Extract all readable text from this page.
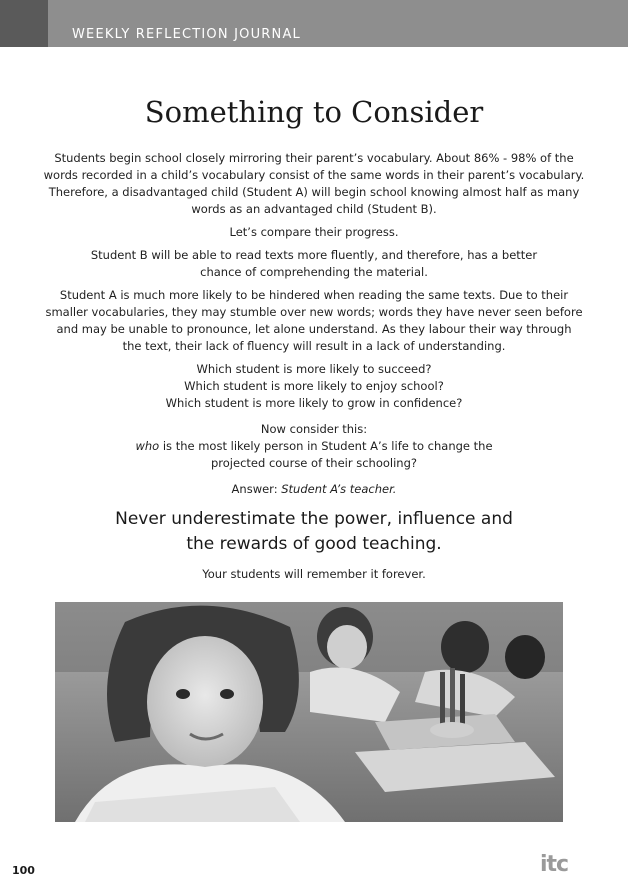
WEEKLY REFLECTION JOURNAL
Something to Consider

Students begin school closely mirroring their parent’s vocabulary. About 86% - 98% of the
words recorded in a child’s vocabulary consist of the same words in their parent’s vocabulary.
Therefore, a disadvantaged child (Student A) will begin school knowing almost half as many
words as an advantaged child (Student B).

Let’s compare their progress.

Student B will be able to read texts more fluently, and therefore, has a better
chance of comprehending the material.

Student A is much more likely to be hindered when reading the same texts. Due to their
smaller vocabularies, they may stumble over new words; words they have never seen before
and may be unable to pronounce, let alone understand. As they labour their way through
the text, their lack of fluency will result in a lack of understanding.

Which student is more likely to succeed?
Which student is more likely to enjoy school?
Which student is more likely to grow in confidence?

Now consider this:
who is the most likely person in Student A’s life to change the
projected course of their schooling?

Answer: Student A’s teacher.

Never underestimate the power, influence and
the rewards of good teaching.

Your students will remember it forever.

100	itc
